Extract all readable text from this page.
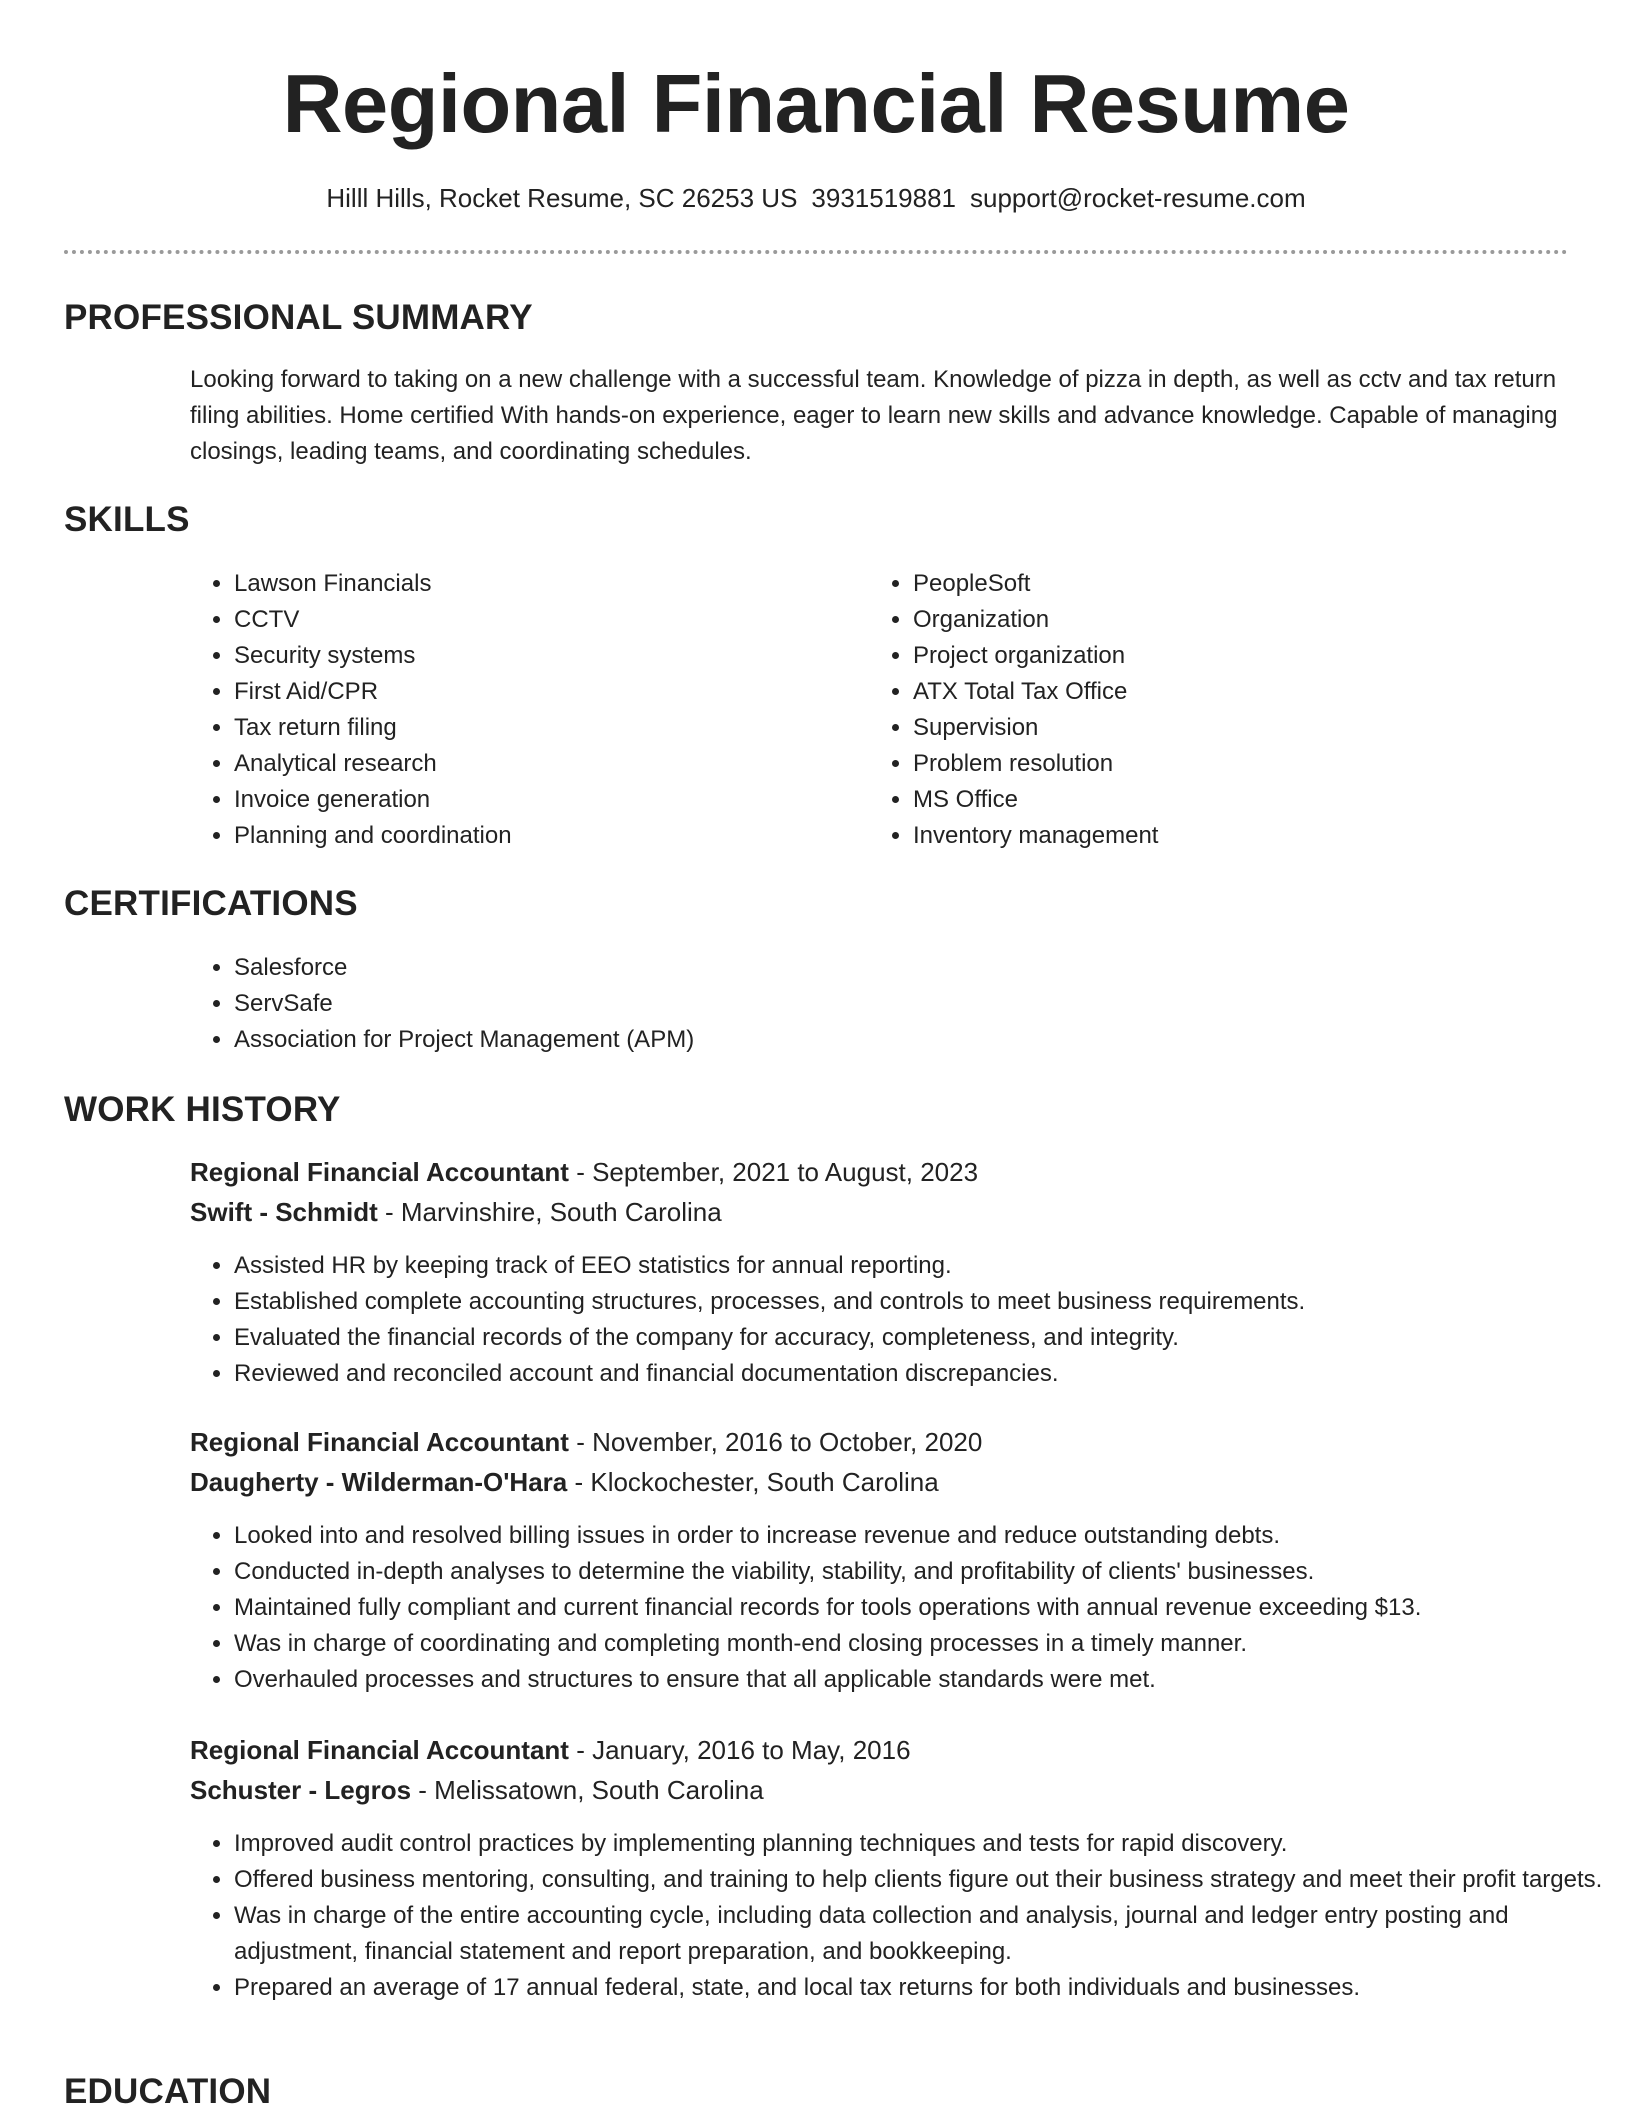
Regional Financial Resume
Hilll Hills, Rocket Resume, SC 26253 US 3931519881 support@rocket-resume.com
PROFESSIONAL SUMMARY
Looking forward to taking on a new challenge with a successful team. Knowledge of pizza in depth, as well as cctv and tax return filing abilities. Home certified With hands-on experience, eager to learn new skills and advance knowledge. Capable of managing closings, leading teams, and coordinating schedules.
SKILLS
• Lawson Financials
• CCTV
• Security systems
• First Aid/CPR
• Tax return filing
• Analytical research
• Invoice generation
• Planning and coordination
• PeopleSoft
• Organization
• Project organization
• ATX Total Tax Office
• Supervision
• Problem resolution
• MS Office
• Inventory management
CERTIFICATIONS
• Salesforce
• ServSafe
• Association for Project Management (APM)
WORK HISTORY
Regional Financial Accountant - September, 2021 to August, 2023
Swift - Schmidt - Marvinshire, South Carolina
• Assisted HR by keeping track of EEO statistics for annual reporting.
• Established complete accounting structures, processes, and controls to meet business requirements.
• Evaluated the financial records of the company for accuracy, completeness, and integrity.
• Reviewed and reconciled account and financial documentation discrepancies.
Regional Financial Accountant - November, 2016 to October, 2020
Daugherty - Wilderman-O'Hara - Klockochester, South Carolina
• Looked into and resolved billing issues in order to increase revenue and reduce outstanding debts.
• Conducted in-depth analyses to determine the viability, stability, and profitability of clients' businesses.
• Maintained fully compliant and current financial records for tools operations with annual revenue exceeding $13.
• Was in charge of coordinating and completing month-end closing processes in a timely manner.
• Overhauled processes and structures to ensure that all applicable standards were met.
Regional Financial Accountant - January, 2016 to May, 2016
Schuster - Legros - Melissatown, South Carolina
• Improved audit control practices by implementing planning techniques and tests for rapid discovery.
• Offered business mentoring, consulting, and training to help clients figure out their business strategy and meet their profit targets.
• Was in charge of the entire accounting cycle, including data collection and analysis, journal and ledger entry posting and adjustment, financial statement and report preparation, and bookkeeping.
• Prepared an average of 17 annual federal, state, and local tax returns for both individuals and businesses.
EDUCATION
